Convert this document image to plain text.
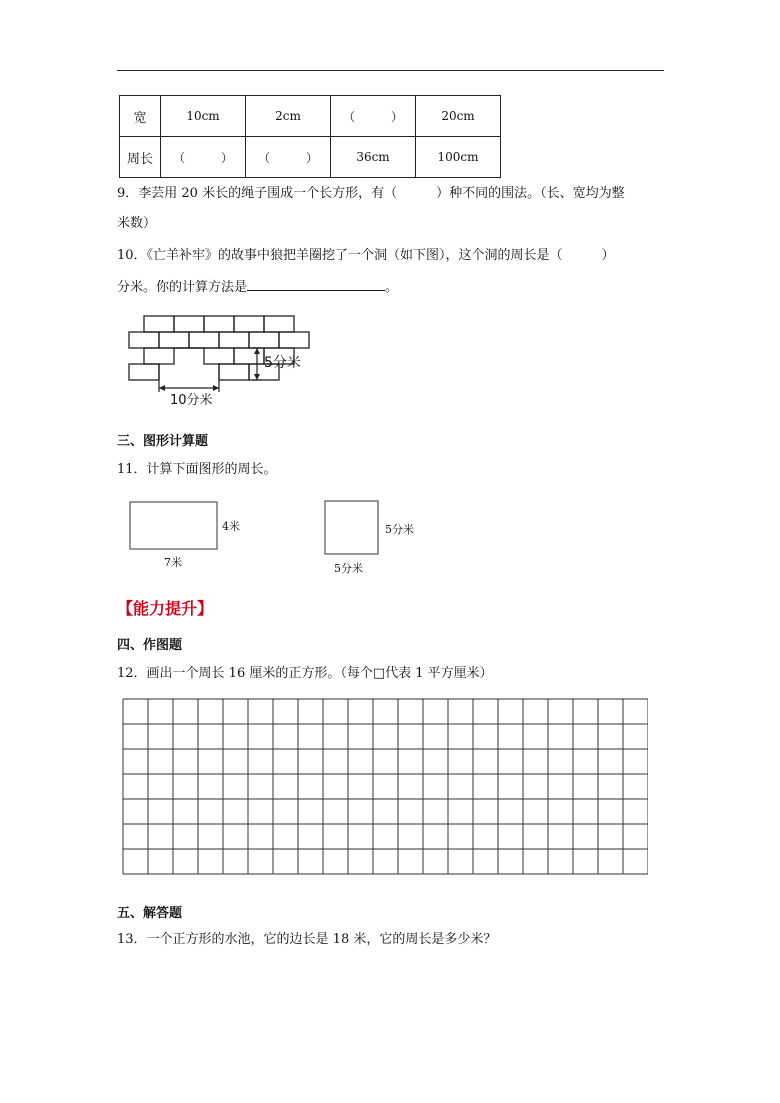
宽	10cm	2cm	（　　　）	20cm
周长	（　　　）	（　　　）	36cm	100cm
9．李芸用 20 米长的绳子围成一个长方形，有（　　　）种不同的围法。（长、宽均为整
米数）
10．《亡羊补牢》的故事中狼把羊圈挖了一个洞（如下图），这个洞的周长是（　　　）
分米。你的计算方法是	。
5分米
10分米
三、图形计算题
11．计算下面图形的周长。
4米
7米
5分米
5分米
【能力提升】
四、作图题
12．画出一个周长 16 厘米的正方形。（每个□代表 1 平方厘米）
五、解答题
13．一个正方形的水池，它的边长是 18 米，它的周长是多少米？
